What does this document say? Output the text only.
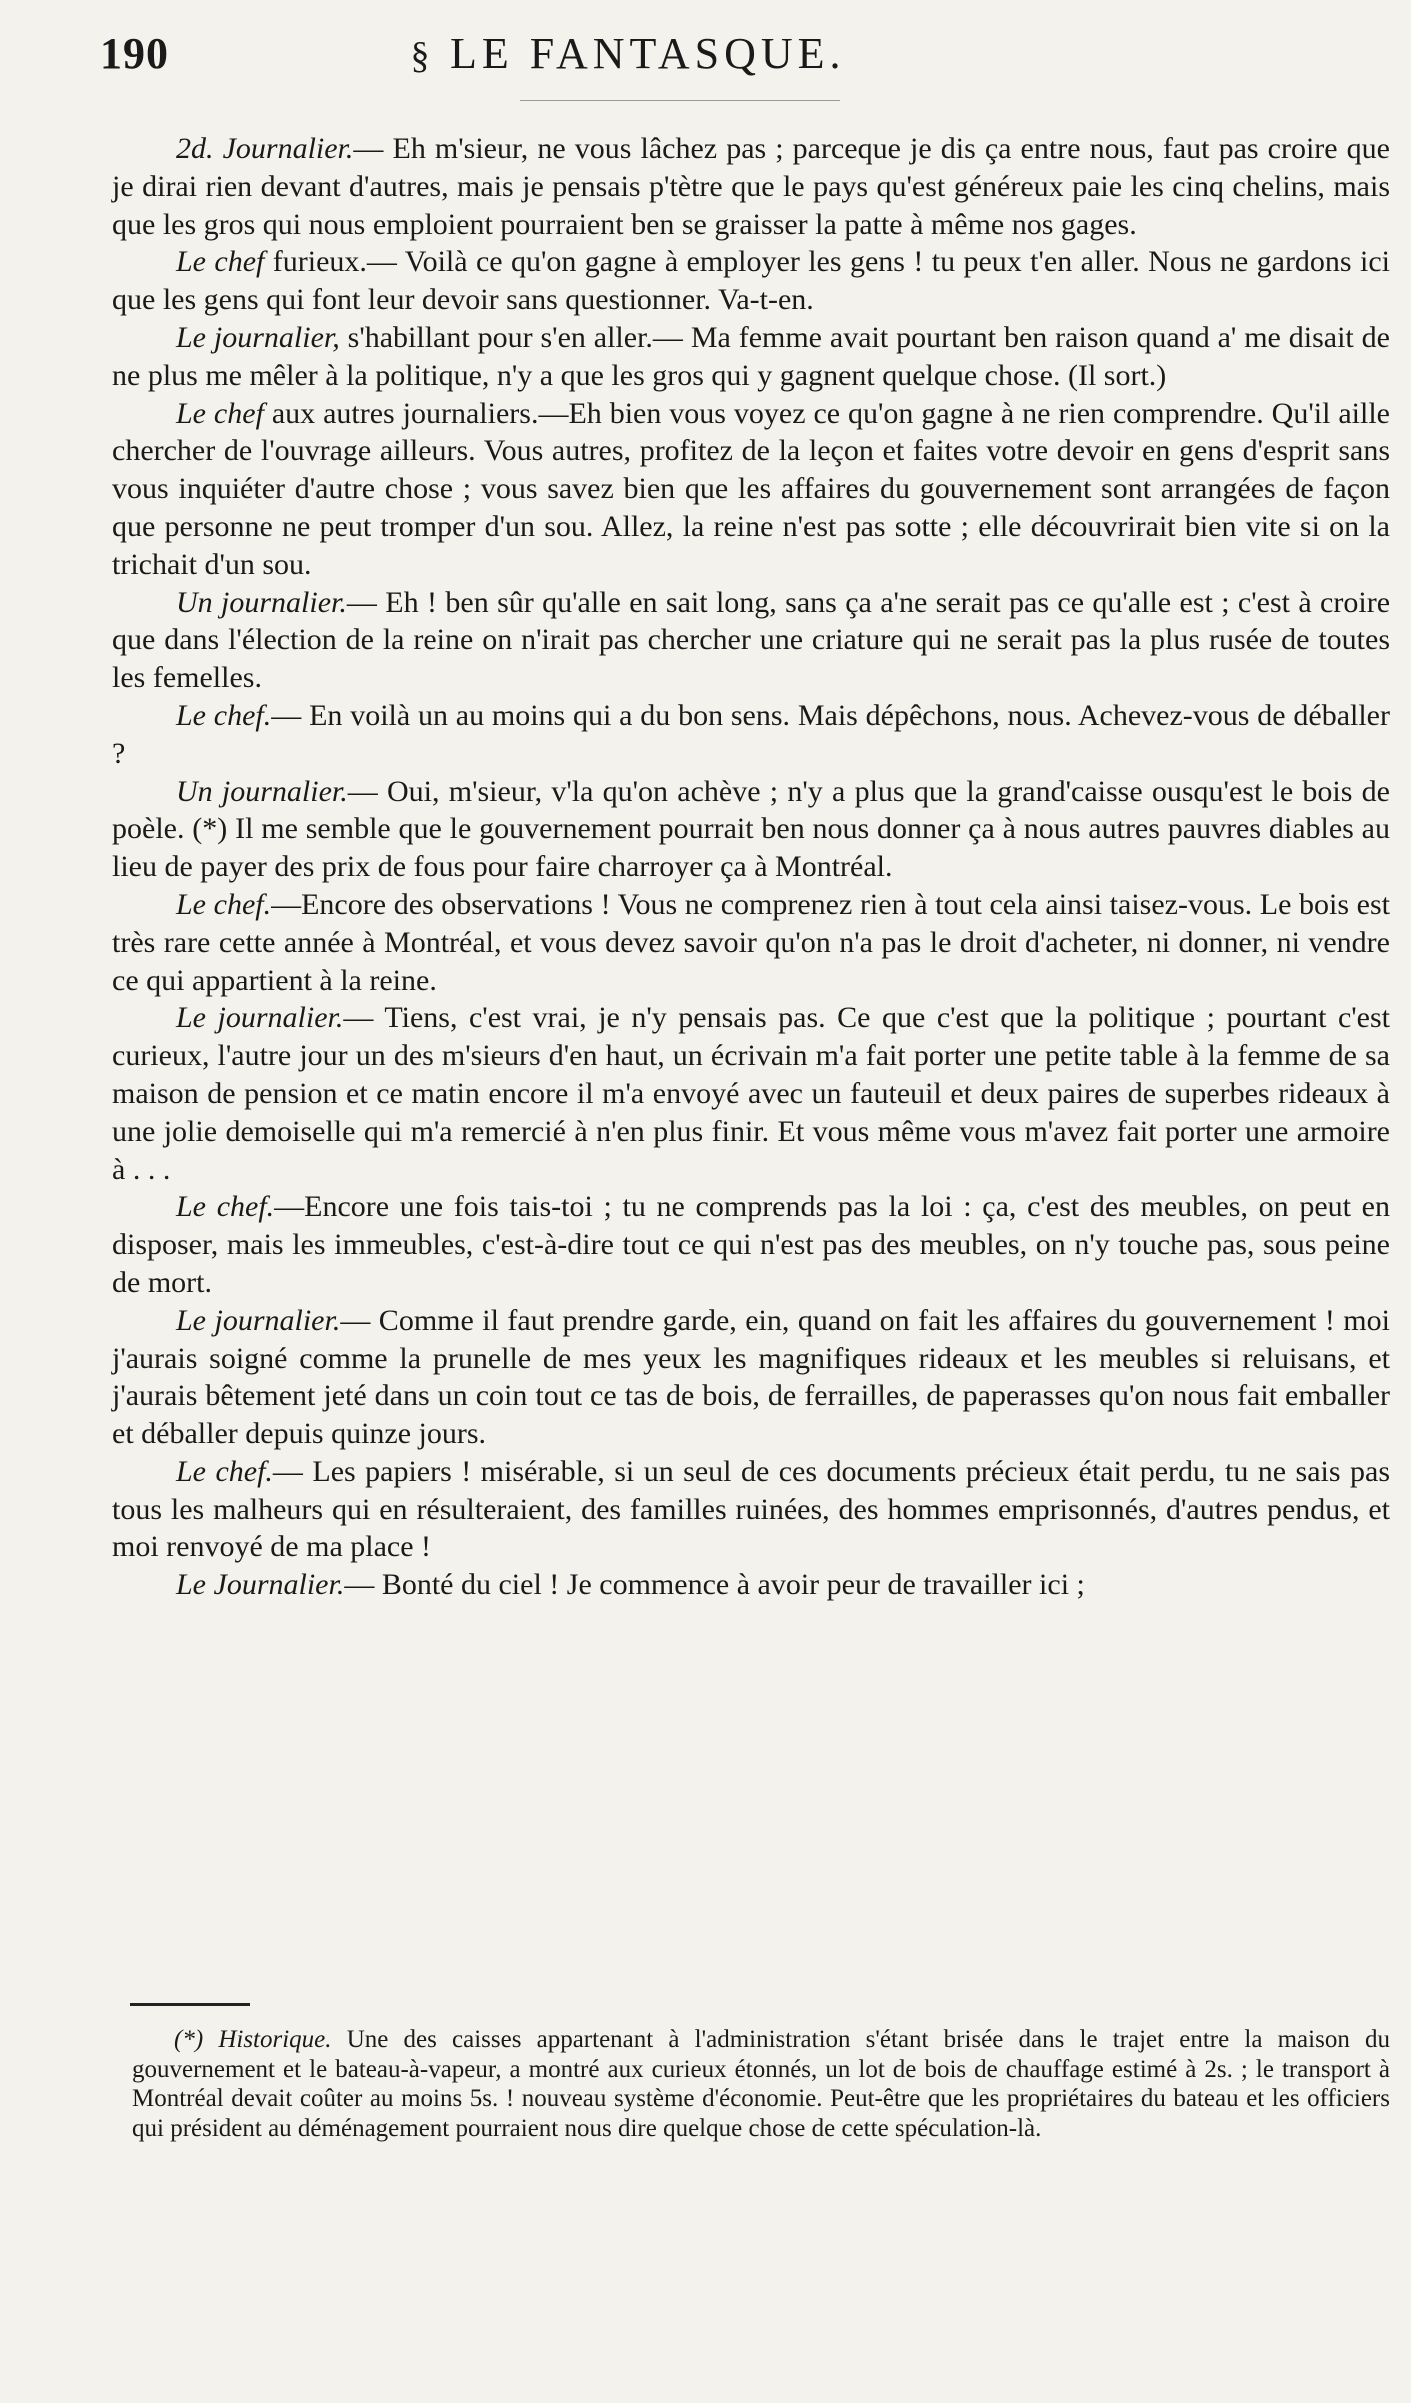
190	§ LE FANTASQUE.

2d. Journalier.— Eh m'sieur, ne vous lâchez pas ; parceque je dis ça entre nous, faut pas croire que je dirai rien devant d'autres, mais je pensais p'tètre que le pays qu'est généreux paie les cinq chelins, mais que les gros qui nous emploient pourraient ben se graisser la patte à même nos gages.

Le chef furieux.— Voilà ce qu'on gagne à employer les gens ! tu peux t'en aller. Nous ne gardons ici que les gens qui font leur devoir sans questionner. Va-t-en.

Le journalier, s'habillant pour s'en aller.— Ma femme avait pourtant ben raison quand a' me disait de ne plus me mêler à la politique, n'y a que les gros qui y gagnent quelque chose. (Il sort.)

Le chef aux autres journaliers.—Eh bien vous voyez ce qu'on gagne à ne rien comprendre. Qu'il aille chercher de l'ouvrage ailleurs. Vous autres, profitez de la leçon et faites votre devoir en gens d'esprit sans vous inquiéter d'autre chose ; vous savez bien que les affaires du gouvernement sont arrangées de façon que personne ne peut tromper d'un sou. Allez, la reine n'est pas sotte ; elle découvrirait bien vite si on la trichait d'un sou.

Un journalier.— Eh ! ben sûr qu'alle en sait long, sans ça a'ne serait pas ce qu'alle est ; c'est à croire que dans l'élection de la reine on n'irait pas chercher une criature qui ne serait pas la plus rusée de toutes les femelles.

Le chef.— En voilà un au moins qui a du bon sens. Mais dépêchons, nous. Achevez-vous de déballer ?

Un journalier.— Oui, m'sieur, v'la qu'on achève ; n'y a plus que la grand'caisse ousqu'est le bois de poèle. (*) Il me semble que le gouvernement pourrait ben nous donner ça à nous autres pauvres diables au lieu de payer des prix de fous pour faire charroyer ça à Montréal.

Le chef.—Encore des observations ! Vous ne comprenez rien à tout cela ainsi taisez-vous. Le bois est très rare cette année à Montréal, et vous devez savoir qu'on n'a pas le droit d'acheter, ni donner, ni vendre ce qui appartient à la reine.

Le journalier.— Tiens, c'est vrai, je n'y pensais pas. Ce que c'est que la politique ; pourtant c'est curieux, l'autre jour un des m'sieurs d'en haut, un écrivain m'a fait porter une petite table à la femme de sa maison de pension et ce matin encore il m'a envoyé avec un fauteuil et deux paires de superbes rideaux à une jolie demoiselle qui m'a remercié à n'en plus finir. Et vous même vous m'avez fait porter une armoire à . . .

Le chef.—Encore une fois tais-toi ; tu ne comprends pas la loi : ça, c'est des meubles, on peut en disposer, mais les immeubles, c'est-à-dire tout ce qui n'est pas des meubles, on n'y touche pas, sous peine de mort.

Le journalier.— Comme il faut prendre garde, ein, quand on fait les affaires du gouvernement ! moi j'aurais soigné comme la prunelle de mes yeux les magnifiques rideaux et les meubles si reluisans, et j'aurais bêtement jeté dans un coin tout ce tas de bois, de ferrailles, de paperasses qu'on nous fait emballer et déballer depuis quinze jours.

Le chef.— Les papiers ! misérable, si un seul de ces documents précieux était perdu, tu ne sais pas tous les malheurs qui en résulteraient, des familles ruinées, des hommes emprisonnés, d'autres pendus, et moi renvoyé de ma place !

Le Journalier.— Bonté du ciel ! Je commence à avoir peur de travailler ici ;

(*) Historique. Une des caisses appartenant à l'administration s'étant brisée dans le trajet entre la maison du gouvernement et le bateau-à-vapeur, a montré aux curieux étonnés, un lot de bois de chauffage estimé à 2s. ; le transport à Montréal devait coûter au moins 5s. ! nouveau système d'économie. Peut-être que les propriétaires du bateau et les officiers qui président au déménagement pourraient nous dire quelque chose de cette spéculation-là.
